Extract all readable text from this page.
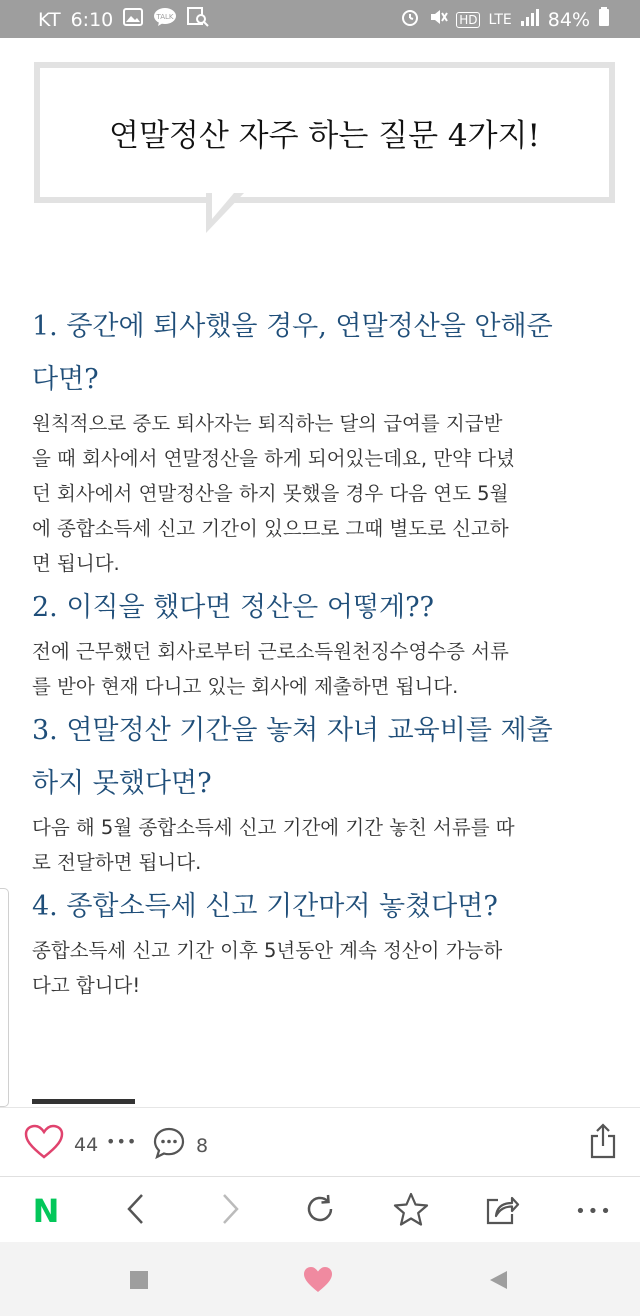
KT 6:10	TALK	HD LTE 84%
연말정산 자주 하는 질문 4가지!

1. 중간에 퇴사했을 경우, 연말정산을 안해준

다면?

원칙적으로 중도 퇴사자는 퇴직하는 달의 급여를 지급받

을 때 회사에서 연말정산을 하게 되어있는데요, 만약 다녔

던 회사에서 연말정산을 하지 못했을 경우 다음 연도 5월

에 종합소득세 신고 기간이 있으므로 그때 별도로 신고하

면 됩니다.

2. 이직을 했다면 정산은 어떻게??

전에 근무했던 회사로부터 근로소득원천징수영수증 서류

를 받아 현재 다니고 있는 회사에 제출하면 됩니다.

3. 연말정산 기간을 놓쳐 자녀 교육비를 제출

하지 못했다면?

다음 해 5월 종합소득세 신고 기간에 기간 놓친 서류를 따

로 전달하면 됩니다.

4. 종합소득세 신고 기간마저 놓쳤다면?

종합소득세 신고 기간 이후 5년동안 계속 정산이 가능하

다고 합니다!

44 •••	8
N	•••
